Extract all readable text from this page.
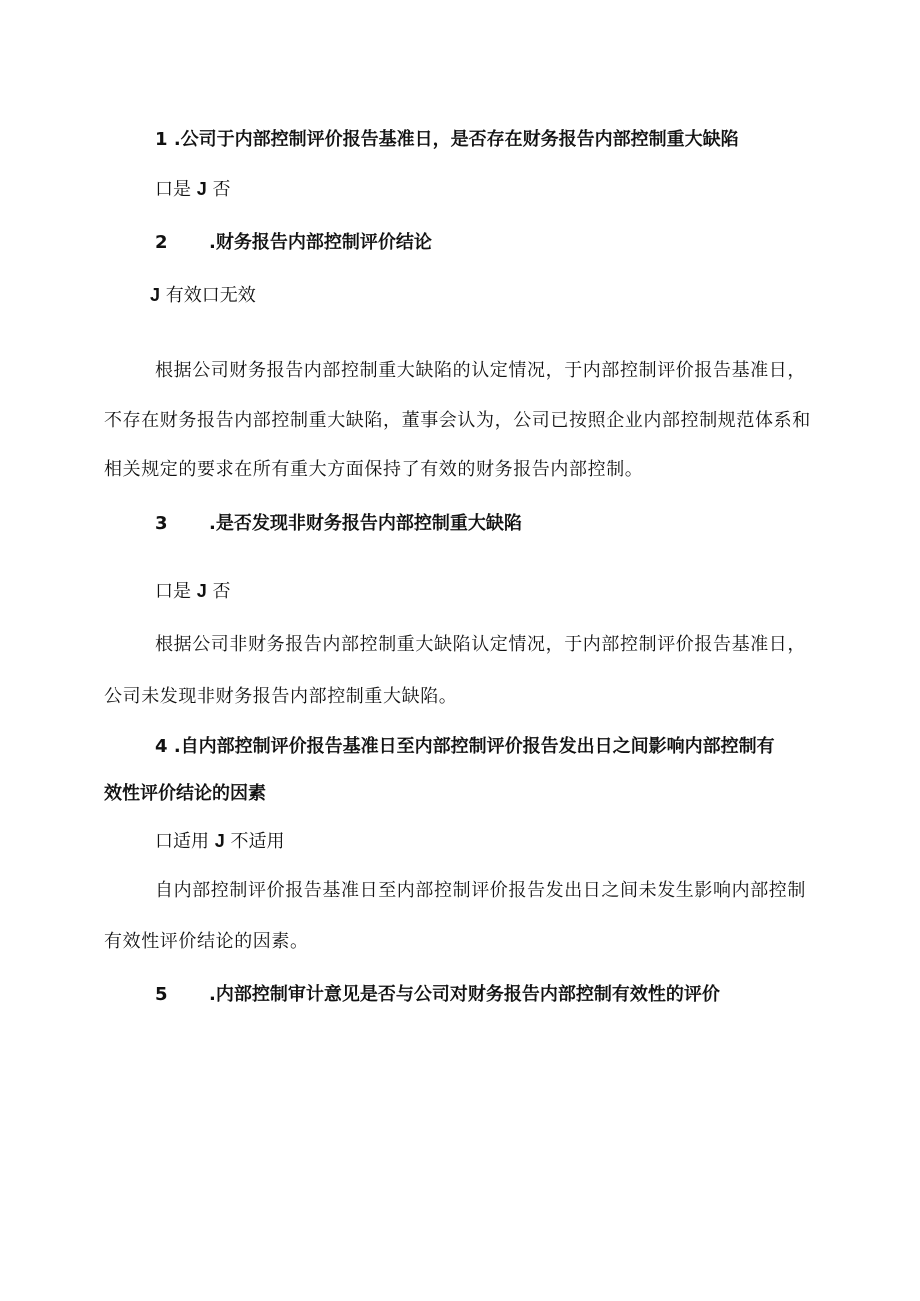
1 .公司于内部控制评价报告基准日，是否存在财务报告内部控制重大缺陷

口是 J 否

2 .财务报告内部控制评价结论

J 有效口无效

根据公司财务报告内部控制重大缺陷的认定情况，于内部控制评价报告基准日，

不存在财务报告内部控制重大缺陷，董事会认为，公司已按照企业内部控制规范体系和

相关规定的要求在所有重大方面保持了有效的财务报告内部控制。

3 .是否发现非财务报告内部控制重大缺陷

口是 J 否

根据公司非财务报告内部控制重大缺陷认定情况，于内部控制评价报告基准日，

公司未发现非财务报告内部控制重大缺陷。

4 .自内部控制评价报告基准日至内部控制评价报告发出日之间影响内部控制有

效性评价结论的因素

口适用 J 不适用

自内部控制评价报告基准日至内部控制评价报告发出日之间未发生影响内部控制

有效性评价结论的因素。

5 .内部控制审计意见是否与公司对财务报告内部控制有效性的评价
